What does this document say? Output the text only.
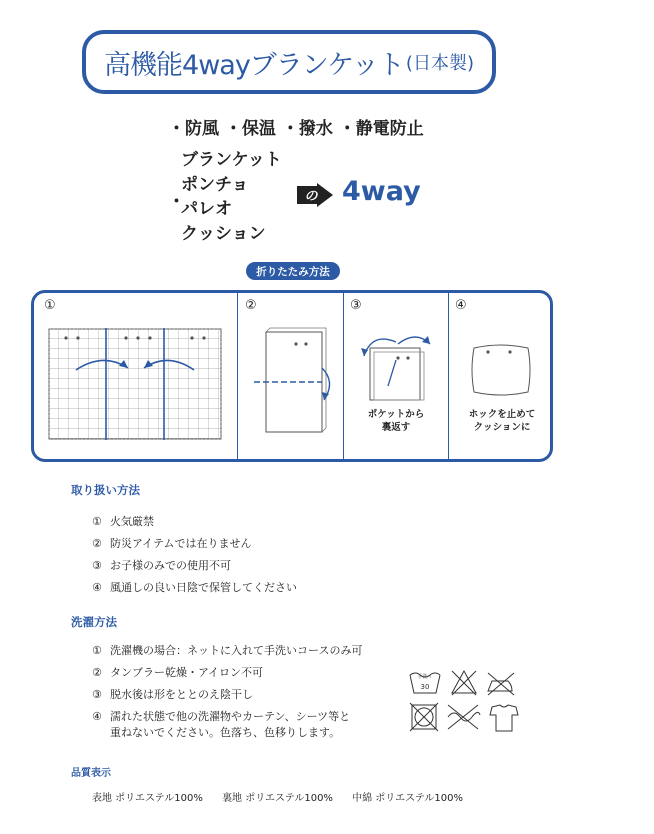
高機能4wayブランケット (日本製)
・防風 ・保温 ・撥水 ・静電防止
・
ブランケット
ポンチョ
パレオ
クッション
の 4way
折りたたみ方法
①	②	③	④
ポケットから
裏返す
ホックを止めて
クッションに
取り扱い方法
① 火気厳禁
② 防災アイテムでは在りません
③ お子様のみでの使用不可
④ 風通しの良い日陰で保管してください
洗濯方法
① 洗濯機の場合：ネットに入れて手洗いコースのみ可
② タンブラー乾燥・アイロン不可
③ 脱水後は形をととのえ陰干し
④ 濡れた状態で他の洗濯物やカーテン、シーツ等と
重ねないでください。色落ち、色移りします。
手洗イ
30
品質表示
表地 ポリエステル100% 裏地 ポリエステル100% 中綿 ポリエステル100%
